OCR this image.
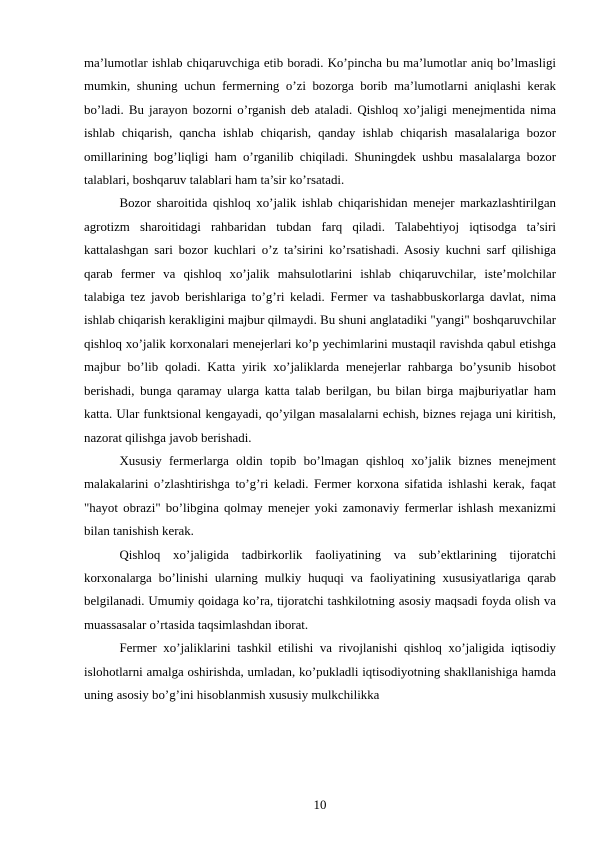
ma’lumotlar ishlab chiqaruvchiga etib boradi. Ko’pincha bu ma’lumotlar aniq bo’lmasligi mumkin, shuning uchun fermerning o’zi bozorga borib ma’lumotlarni aniqlashi kerak bo’ladi. Bu jarayon bozorni o’rganish deb ataladi. Qishloq xo’jaligi menejmentida nima ishlab chiqarish, qancha ishlab chiqarish, qanday ishlab chiqarish masalalariga bozor omillarining bog’liqligi ham o’rganilib chiqiladi. Shuningdek ushbu masalalarga bozor talablari, boshqaruv talablari ham ta’sir ko’rsatadi.

Bozor sharoitida qishloq xo’jalik ishlab chiqarishidan menejer markazlashtirilgan agrotizm sharoitidagi rahbaridan tubdan farq qiladi. Talabehtiyoj iqtisodga ta’siri kattalashgan sari bozor kuchlari o’z ta’sirini ko’rsatishadi. Asosiy kuchni sarf qilishiga qarab fermer va qishloq xo’jalik mahsulotlarini ishlab chiqaruvchilar, iste’molchilar talabiga tez javob berishlariga to’g’ri keladi. Fermer va tashabbuskorlarga davlat, nima ishlab chiqarish kerakligini majbur qilmaydi. Bu shuni anglatadiki "yangi" boshqaruvchilar qishloq xo’jalik korxonalari menejerlari ko’p yechimlarini mustaqil ravishda qabul etishga majbur bo’lib qoladi. Katta yirik xo’jaliklarda menejerlar rahbarga bo’ysunib hisobot berishadi, bunga qaramay ularga katta talab berilgan, bu bilan birga majburiyatlar ham katta. Ular funktsional kengayadi, qo’yilgan masalalarni echish, biznes rejaga uni kiritish, nazorat qilishga javob berishadi.

Xususiy fermerlarga oldin topib bo’lmagan qishloq xo’jalik biznes menejment malakalarini o’zlashtirishga to’g’ri keladi. Fermer korxona sifatida ishlashi kerak, faqat "hayot obrazi" bo’libgina qolmay menejer yoki zamonaviy fermerlar ishlash mexanizmi bilan tanishish kerak.

Qishloq xo’jaligida tadbirkorlik faoliyatining va sub’ektlarining tijoratchi korxonalarga bo’linishi ularning mulkiy huquqi va faoliyatining xususiyatlariga qarab belgilanadi. Umumiy qoidaga ko’ra, tijoratchi tashkilotning asosiy maqsadi foyda olish va muassasalar o’rtasida taqsimlashdan iborat.

Fermer xo’jaliklarini tashkil etilishi va rivojlanishi qishloq xo’jaligida iqtisodiy islohotlarni amalga oshirishda, umladan, ko’pukladli iqtisodiyotning shakllanishiga hamda uning asosiy bo’g’ini hisoblanmish xususiy mulkchilikka

10
